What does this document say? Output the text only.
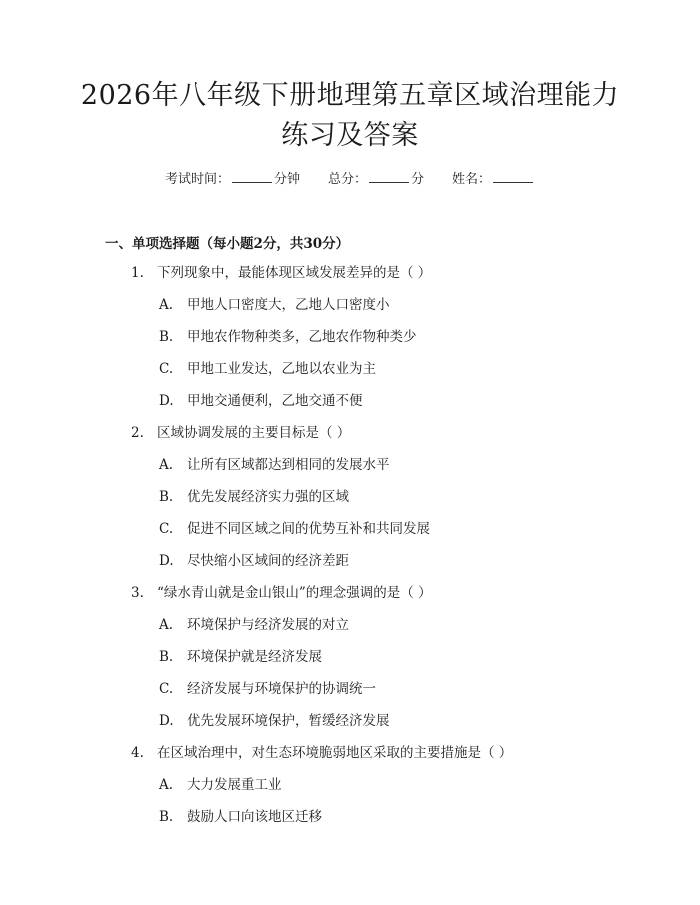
2026年八年级下册地理第五章区域治理能力
练习及答案
考试时间：	分钟 总分：	分 姓名：
一、单项选择题（每小题2分，共30分）
1. 下列现象中，最能体现区域发展差异的是（ ）
A. 甲地人口密度大，乙地人口密度小
B. 甲地农作物种类多，乙地农作物种类少
C. 甲地工业发达，乙地以农业为主
D. 甲地交通便利，乙地交通不便
2. 区域协调发展的主要目标是（ ）
A. 让所有区域都达到相同的发展水平
B. 优先发展经济实力强的区域
C. 促进不同区域之间的优势互补和共同发展
D. 尽快缩小区域间的经济差距
3. “绿水青山就是金山银山”的理念强调的是（ ）
A. 环境保护与经济发展的对立
B. 环境保护就是经济发展
C. 经济发展与环境保护的协调统一
D. 优先发展环境保护，暂缓经济发展
4. 在区域治理中，对生态环境脆弱地区采取的主要措施是（ ）
A. 大力发展重工业
B. 鼓励人口向该地区迁移
